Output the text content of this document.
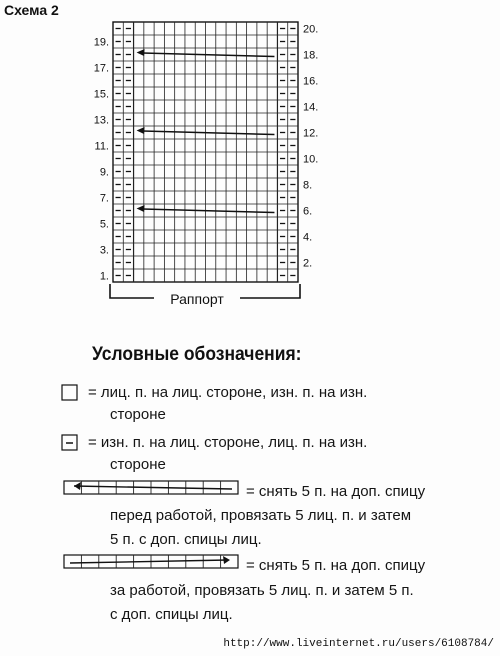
Схема 2
19.
17.
15.
13.
11.
9.
7.
5.
3.
1.
20.
18.
16.
14.
12.
10.
8.
6.
4.
2.
Раппорт
Условные обозначения:
= лиц. п. на лиц. стороне, изн. п. на изн.
стороне
= изн. п. на лиц. стороне, лиц. п. на изн.
стороне
= снять 5 п. на доп. спицу
перед работой, провязать 5 лиц. п. и затем
5 п. с доп. спицы лиц.
= снять 5 п. на доп. спицу
за работой, провязать 5 лиц. п. и затем 5 п.
с доп. спицы лиц.
http://www.liveinternet.ru/users/6108784/
